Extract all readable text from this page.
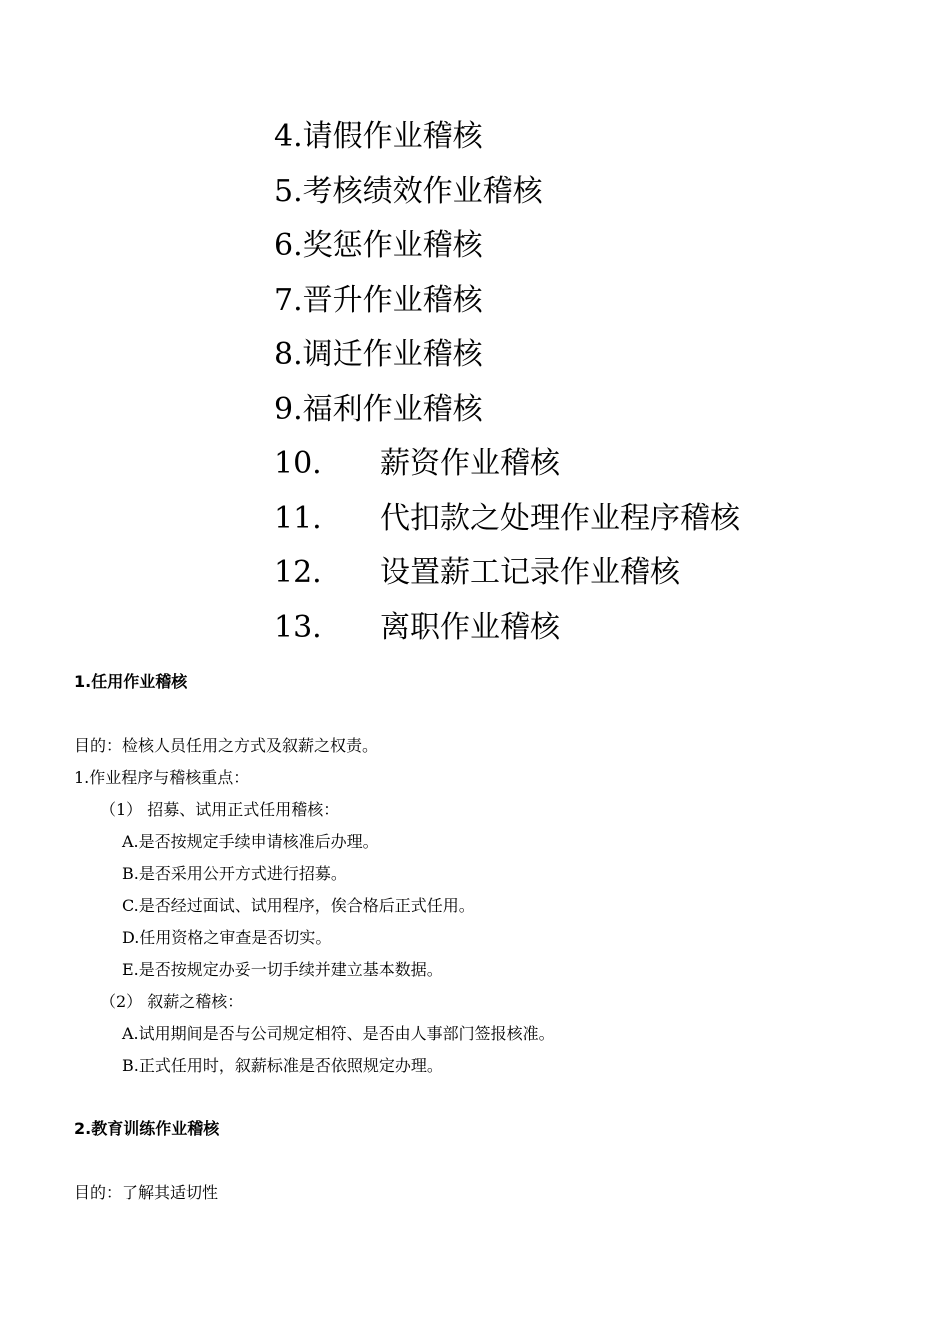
4.请假作业稽核
5.考核绩效作业稽核
6.奖惩作业稽核
7.晋升作业稽核
8.调迁作业稽核
9.福利作业稽核
10. 薪资作业稽核
11. 代扣款之处理作业程序稽核
12. 设置薪工记录作业稽核
13. 离职作业稽核
1.任用作业稽核

目的：检核人员任用之方式及叙薪之权责。

1.作业程序与稽核重点：

（1） 招募、试用正式任用稽核：

A.是否按规定手续申请核准后办理。

B.是否采用公开方式进行招募。

C.是否经过面试、试用程序，俟合格后正式任用。

D.任用资格之审查是否切实。

E.是否按规定办妥一切手续并建立基本数据。

（2） 叙薪之稽核：

A.试用期间是否与公司规定相符、是否由人事部门签报核准。

B.正式任用时，叙薪标准是否依照规定办理。

2.教育训练作业稽核

目的：了解其适切性
